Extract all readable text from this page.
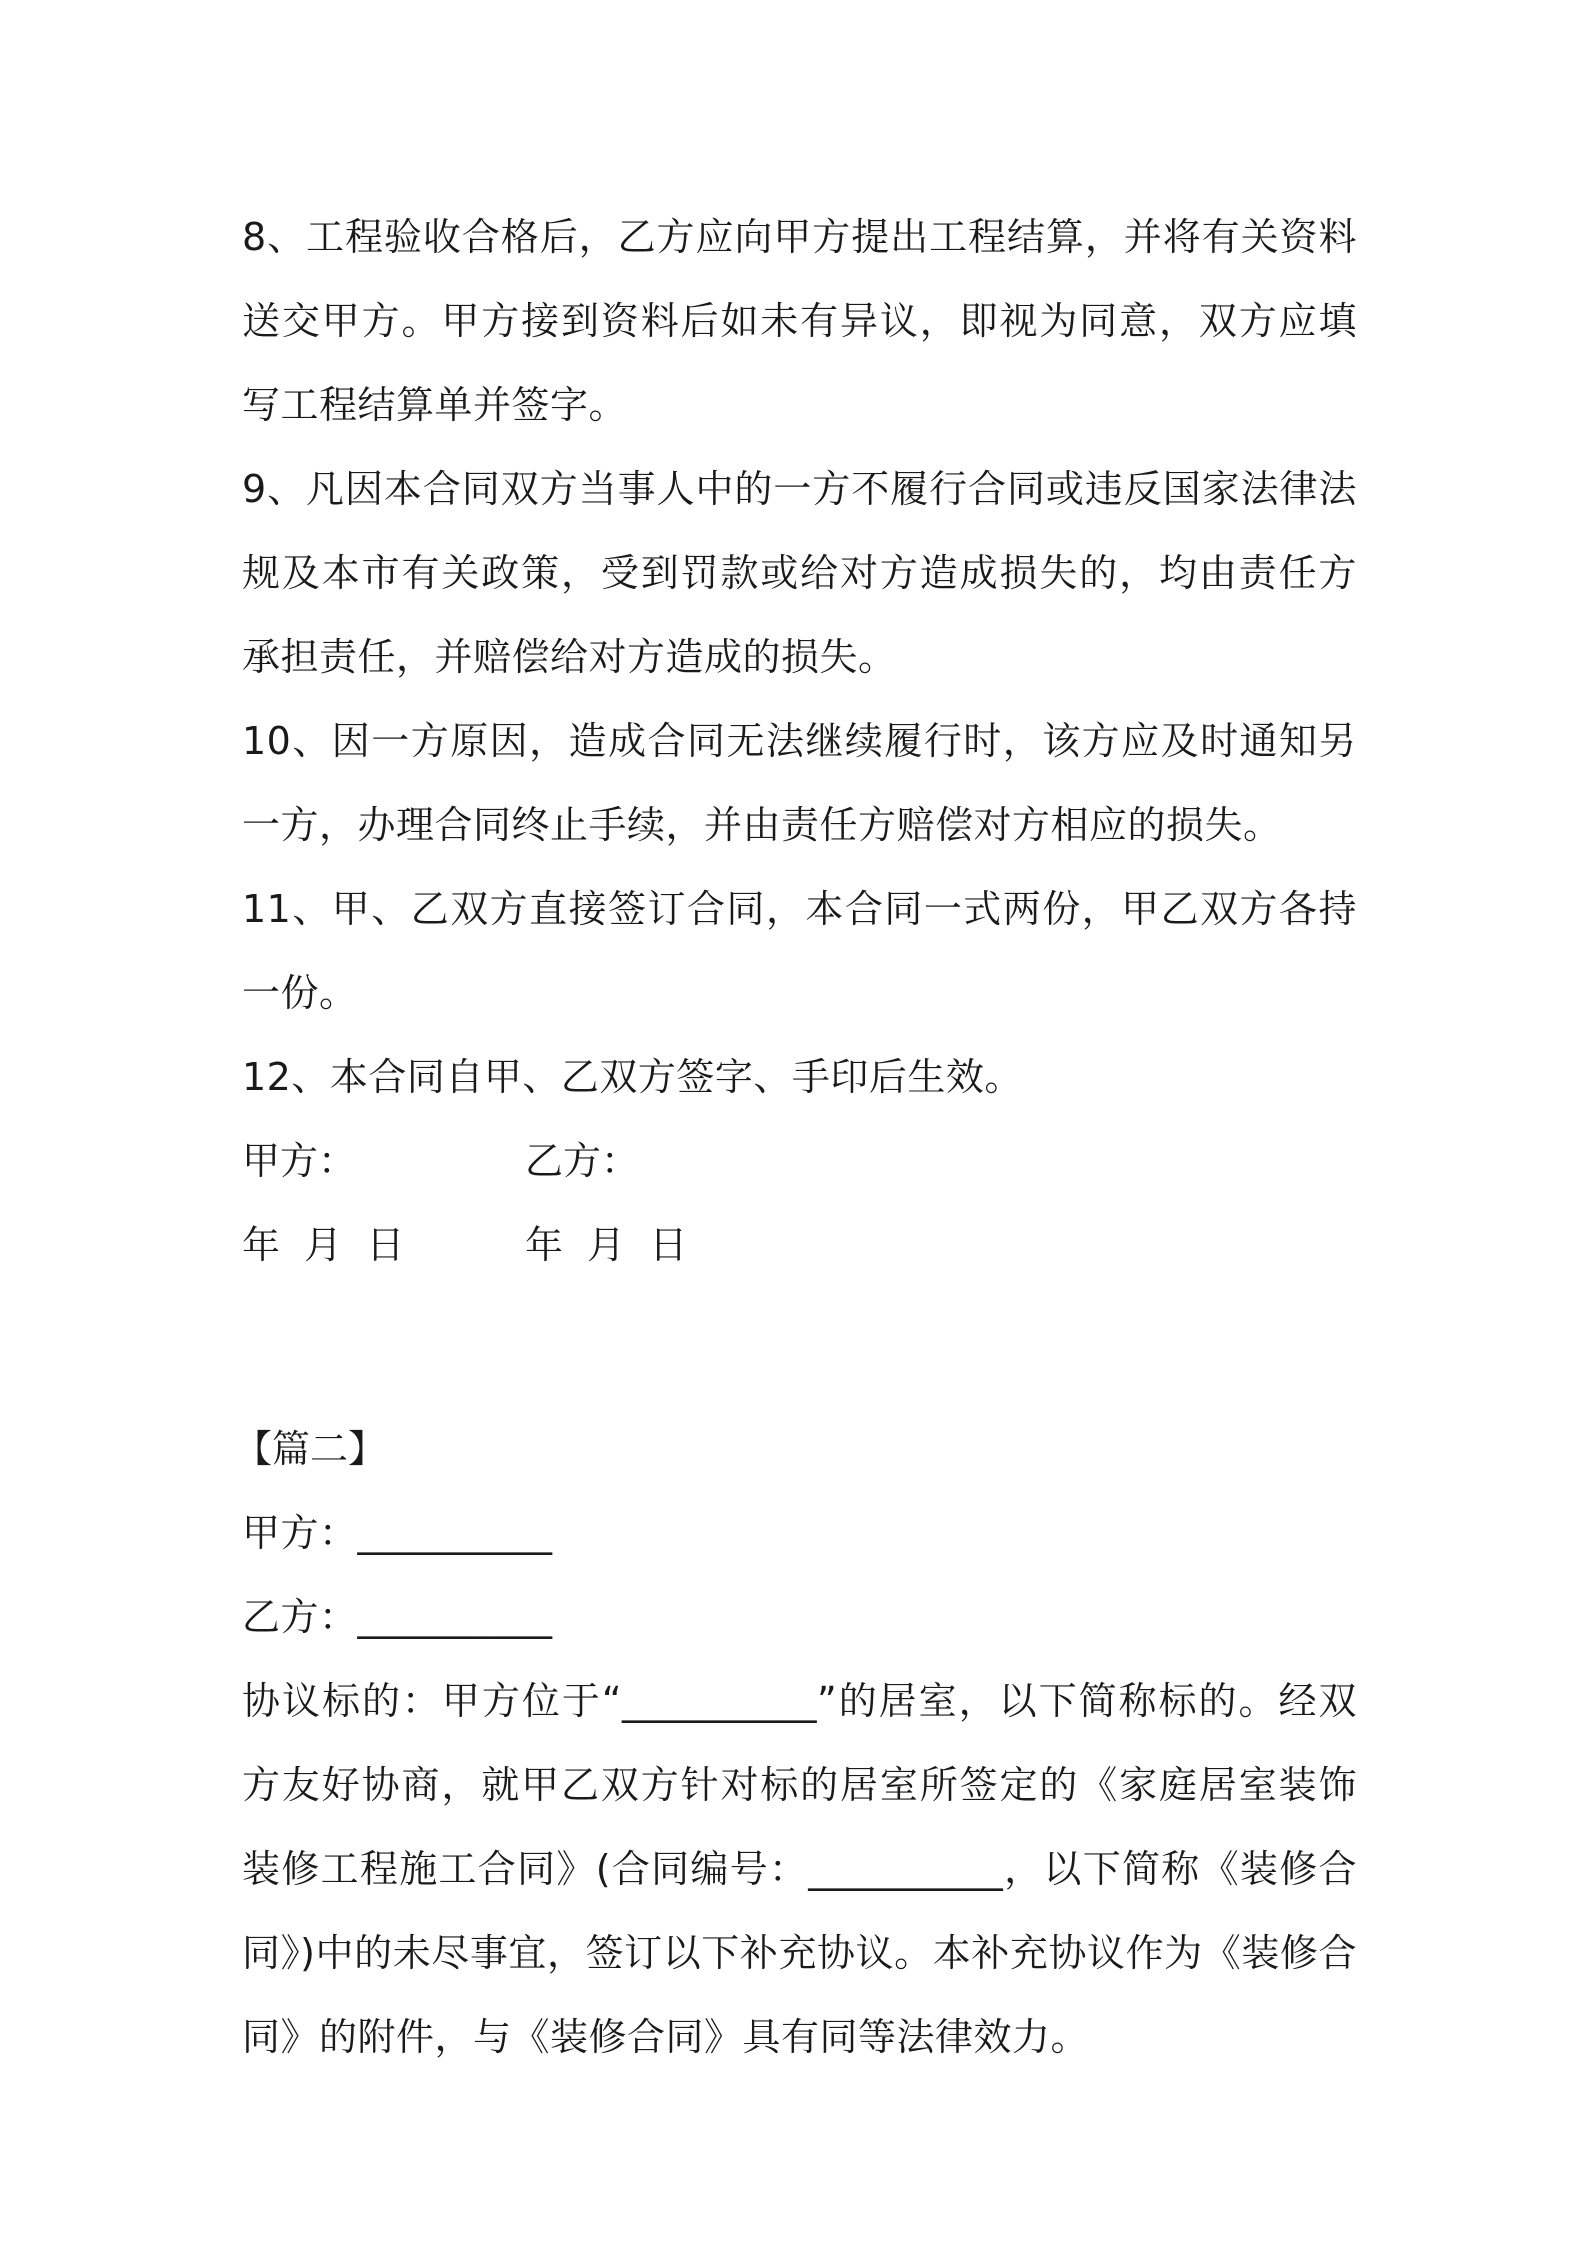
8、工程验收合格后，乙方应向甲方提出工程结算，并将有关资料送交甲方。甲方接到资料后如未有异议，即视为同意，双方应填写工程结算单并签字。

9、凡因本合同双方当事人中的一方不履行合同或违反国家法律法规及本市有关政策，受到罚款或给对方造成损失的，均由责任方承担责任，并赔偿给对方造成的损失。

10、因一方原因，造成合同无法继续履行时，该方应及时通知另一方，办理合同终止手续，并由责任方赔偿对方相应的损失。

11、甲、乙双方直接签订合同，本合同一式两份，甲乙双方各持一份。

12、本合同自甲、乙双方签字、手印后生效。

甲方：	乙方：
年  月  日	年  月  日

【篇二】

甲方：__________

乙方：__________

协议标的：甲方位于“__________”的居室，以下简称标的。经双方友好协商，就甲乙双方针对标的居室所签定的《家庭居室装饰装修工程施工合同》(合同编号：__________，以下简称《装修合同》)中的未尽事宜，签订以下补充协议。本补充协议作为《装修合同》的附件，与《装修合同》具有同等法律效力。
